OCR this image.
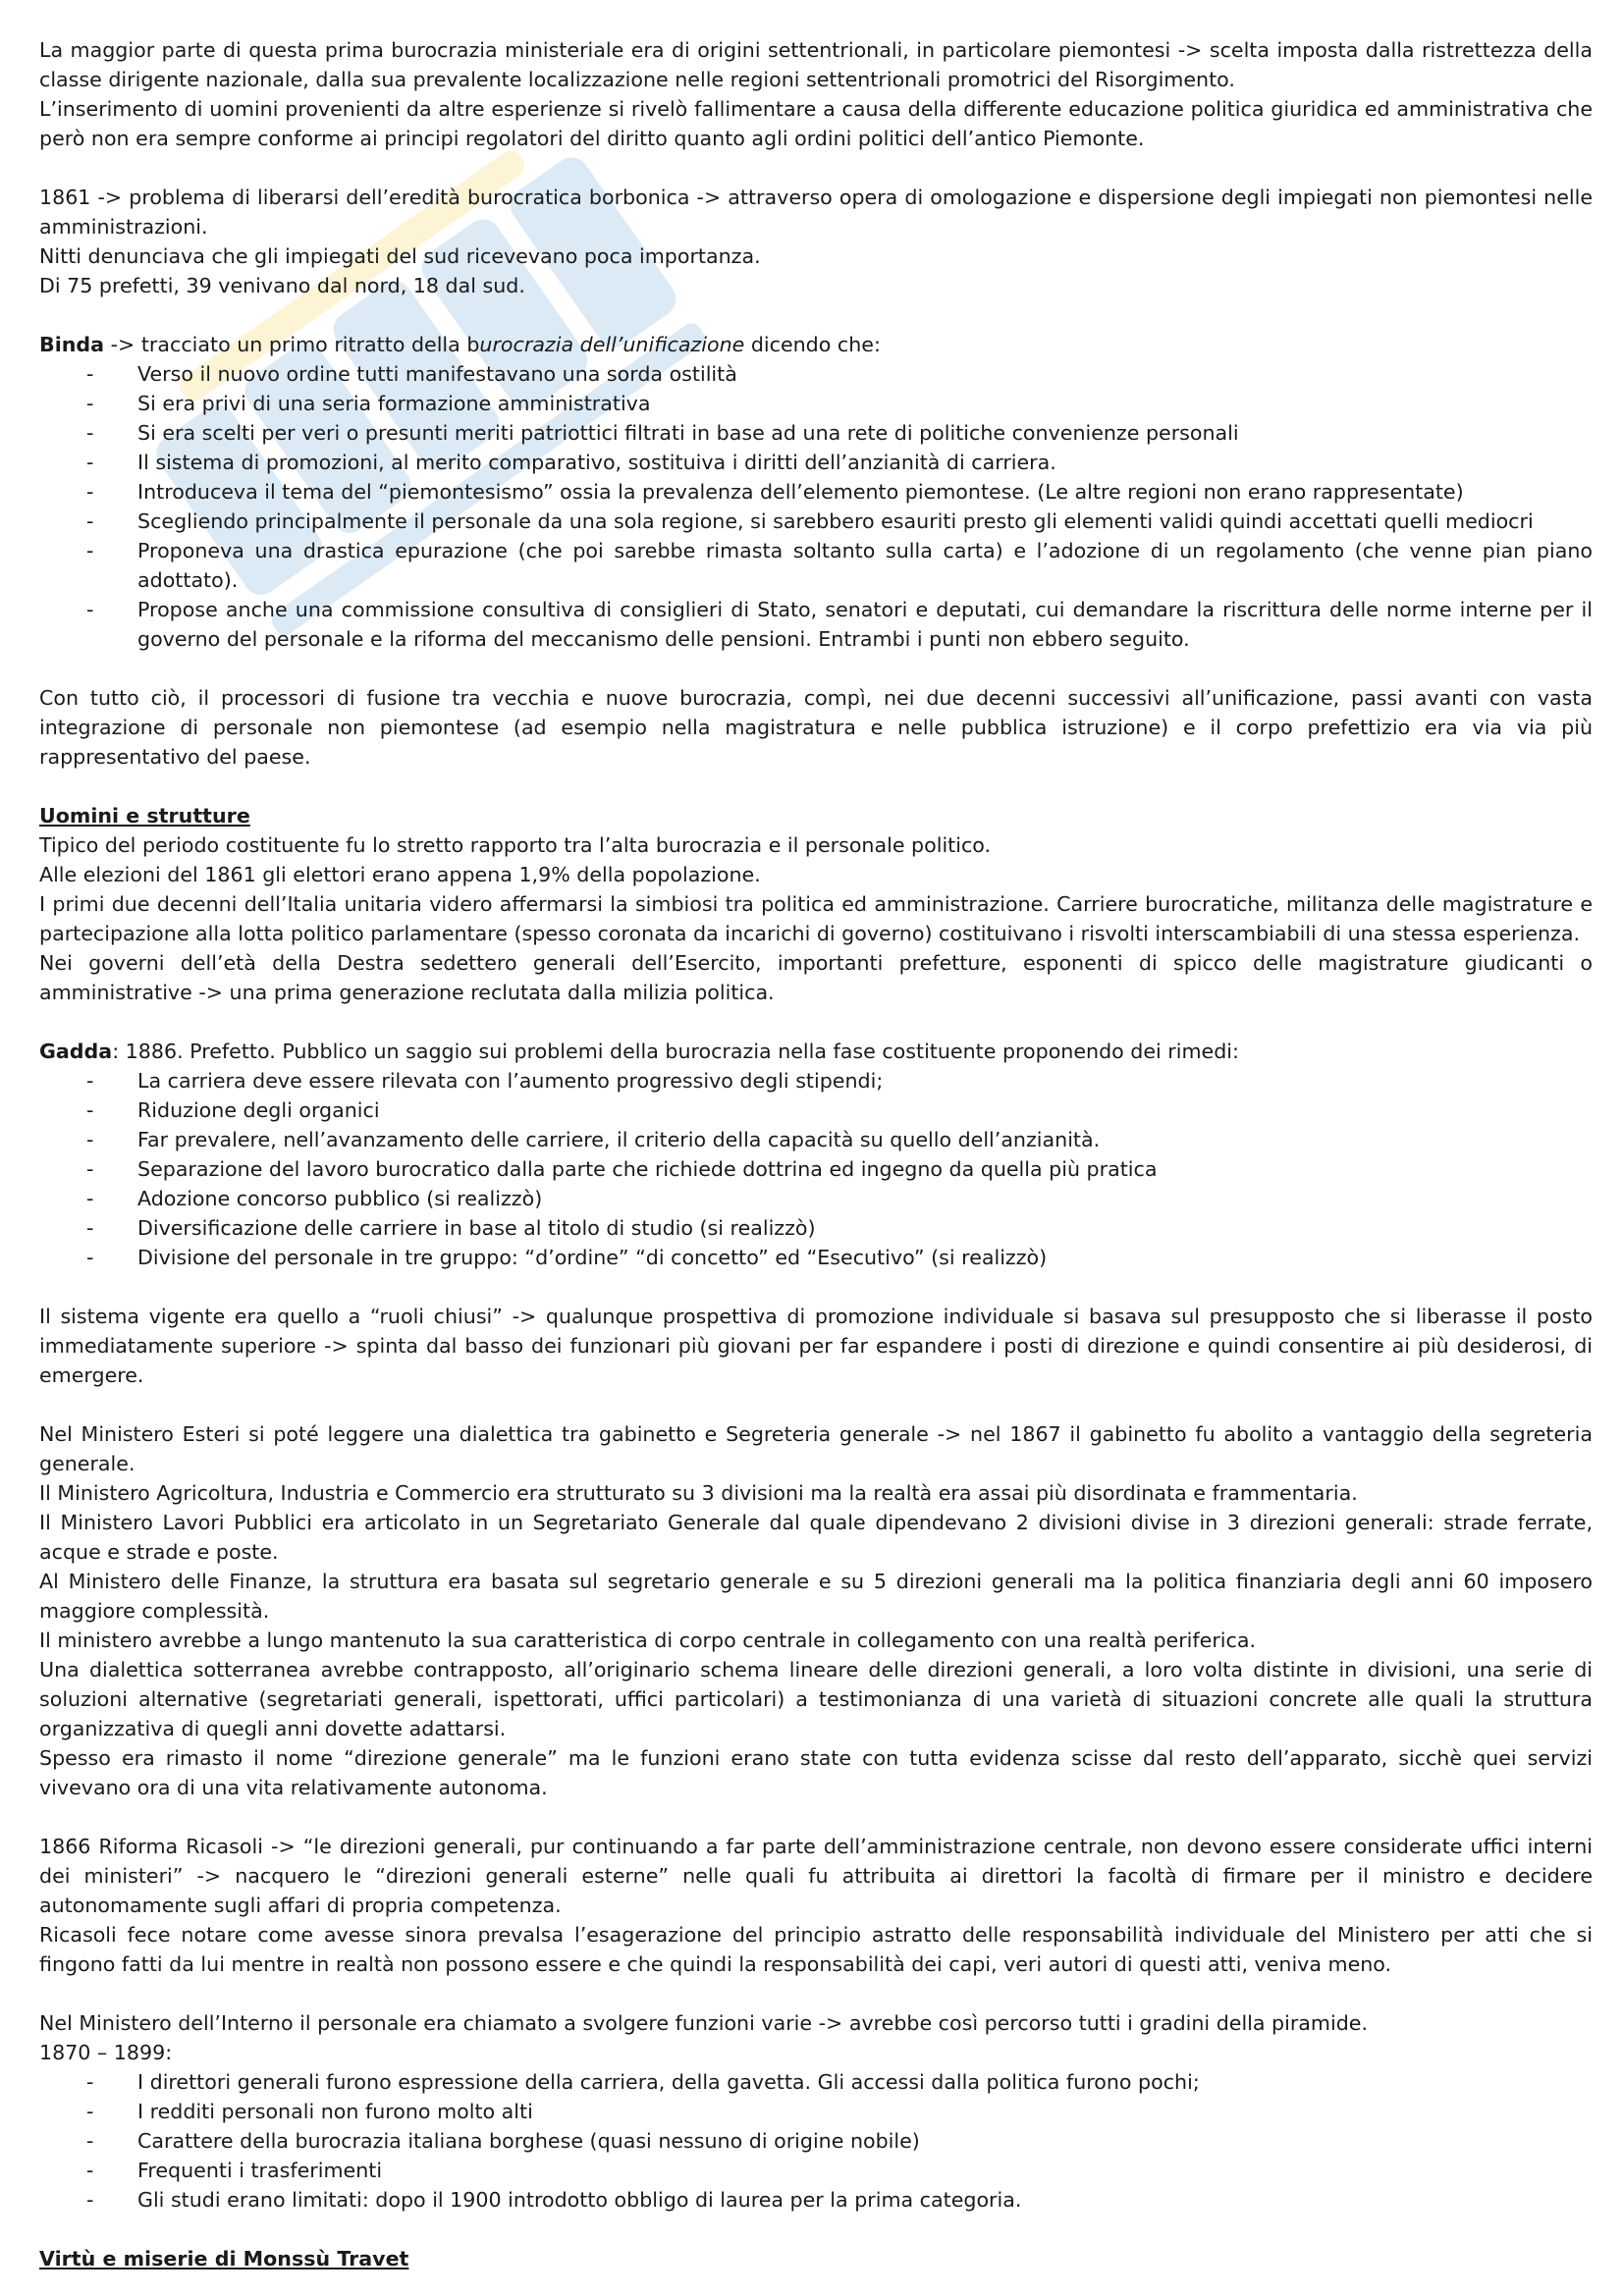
La maggior parte di questa prima burocrazia ministeriale era di origini settentrionali, in particolare piemontesi -> scelta imposta dalla ristrettezza della classe dirigente nazionale, dalla sua prevalente localizzazione nelle regioni settentrionali promotrici del Risorgimento.

L’inserimento di uomini provenienti da altre esperienze si rivelò fallimentare a causa della differente educazione politica giuridica ed amministrativa che però non era sempre conforme ai principi regolatori del diritto quanto agli ordini politici dell’antico Piemonte.

1861 -> problema di liberarsi dell’eredità burocratica borbonica -> attraverso opera di omologazione e dispersione degli impiegati non piemontesi nelle amministrazioni.

Nitti denunciava che gli impiegati del sud ricevevano poca importanza.

Di 75 prefetti, 39 venivano dal nord, 18 dal sud.

Binda -> tracciato un primo ritratto della burocrazia dell’unificazione dicendo che:

- Verso il nuovo ordine tutti manifestavano una sorda ostilità
- Si era privi di una seria formazione amministrativa
- Si era scelti per veri o presunti meriti patriottici filtrati in base ad una rete di politiche convenienze personali
- Il sistema di promozioni, al merito comparativo, sostituiva i diritti dell’anzianità di carriera.
- Introduceva il tema del “piemontesismo” ossia la prevalenza dell’elemento piemontese. (Le altre regioni non erano rappresentate)
- Scegliendo principalmente il personale da una sola regione, si sarebbero esauriti presto gli elementi validi quindi accettati quelli mediocri
- Proponeva una drastica epurazione (che poi sarebbe rimasta soltanto sulla carta) e l’adozione di un regolamento (che venne pian piano adottato).
- Propose anche una commissione consultiva di consiglieri di Stato, senatori e deputati, cui demandare la riscrittura delle norme interne per il governo del personale e la riforma del meccanismo delle pensioni. Entrambi i punti non ebbero seguito.

Con tutto ciò, il processori di fusione tra vecchia e nuove burocrazia, compì, nei due decenni successivi all’unificazione, passi avanti con vasta integrazione di personale non piemontese (ad esempio nella magistratura e nelle pubblica istruzione) e il corpo prefettizio era via via più rappresentativo del paese.

Uomini e strutture

Tipico del periodo costituente fu lo stretto rapporto tra l’alta burocrazia e il personale politico.

Alle elezioni del 1861 gli elettori erano appena 1,9% della popolazione.

I primi due decenni dell’Italia unitaria videro affermarsi la simbiosi tra politica ed amministrazione. Carriere burocratiche, militanza delle magistrature e partecipazione alla lotta politico parlamentare (spesso coronata da incarichi di governo) costituivano i risvolti interscambiabili di una stessa esperienza.

Nei governi dell’età della Destra sedettero generali dell’Esercito, importanti prefetture, esponenti di spicco delle magistrature giudicanti o amministrative -> una prima generazione reclutata dalla milizia politica.

Gadda: 1886. Prefetto. Pubblico un saggio sui problemi della burocrazia nella fase costituente proponendo dei rimedi:

- La carriera deve essere rilevata con l’aumento progressivo degli stipendi;
- Riduzione degli organici
- Far prevalere, nell’avanzamento delle carriere, il criterio della capacità su quello dell’anzianità.
- Separazione del lavoro burocratico dalla parte che richiede dottrina ed ingegno da quella più pratica
- Adozione concorso pubblico (si realizzò)
- Diversificazione delle carriere in base al titolo di studio (si realizzò)
- Divisione del personale in tre gruppo: “d’ordine” “di concetto” ed “Esecutivo” (si realizzò)

Il sistema vigente era quello a “ruoli chiusi” -> qualunque prospettiva di promozione individuale si basava sul presupposto che si liberasse il posto immediatamente superiore -> spinta dal basso dei funzionari più giovani per far espandere i posti di direzione e quindi consentire ai più desiderosi, di emergere.

Nel Ministero Esteri si poté leggere una dialettica tra gabinetto e Segreteria generale -> nel 1867 il gabinetto fu abolito a vantaggio della segreteria generale.

Il Ministero Agricoltura, Industria e Commercio era strutturato su 3 divisioni ma la realtà era assai più disordinata e frammentaria.

Il Ministero Lavori Pubblici era articolato in un Segretariato Generale dal quale dipendevano 2 divisioni divise in 3 direzioni generali: strade ferrate, acque e strade e poste.

Al Ministero delle Finanze, la struttura era basata sul segretario generale e su 5 direzioni generali ma la politica finanziaria degli anni 60 imposero maggiore complessità.

Il ministero avrebbe a lungo mantenuto la sua caratteristica di corpo centrale in collegamento con una realtà periferica.

Una dialettica sotterranea avrebbe contrapposto, all’originario schema lineare delle direzioni generali, a loro volta distinte in divisioni, una serie di soluzioni alternative (segretariati generali, ispettorati, uffici particolari) a testimonianza di una varietà di situazioni concrete alle quali la struttura organizzativa di quegli anni dovette adattarsi.

Spesso era rimasto il nome “direzione generale” ma le funzioni erano state con tutta evidenza scisse dal resto dell’apparato, sicchè quei servizi vivevano ora di una vita relativamente autonoma.

1866 Riforma Ricasoli -> “le direzioni generali, pur continuando a far parte dell’amministrazione centrale, non devono essere considerate uffici interni dei ministeri” -> nacquero le “direzioni generali esterne” nelle quali fu attribuita ai direttori la facoltà di firmare per il ministro e decidere autonomamente sugli affari di propria competenza.

Ricasoli fece notare come avesse sinora prevalsa l’esagerazione del principio astratto delle responsabilità individuale del Ministero per atti che si fingono fatti da lui mentre in realtà non possono essere e che quindi la responsabilità dei capi, veri autori di questi atti, veniva meno.

Nel Ministero dell’Interno il personale era chiamato a svolgere funzioni varie -> avrebbe così percorso tutti i gradini della piramide.

1870 – 1899:

- I direttori generali furono espressione della carriera, della gavetta. Gli accessi dalla politica furono pochi;
- I redditi personali non furono molto alti
- Carattere della burocrazia italiana borghese (quasi nessuno di origine nobile)
- Frequenti i trasferimenti
- Gli studi erano limitati: dopo il 1900 introdotto obbligo di laurea per la prima categoria.

Virtù e miserie di Monssù Travet
